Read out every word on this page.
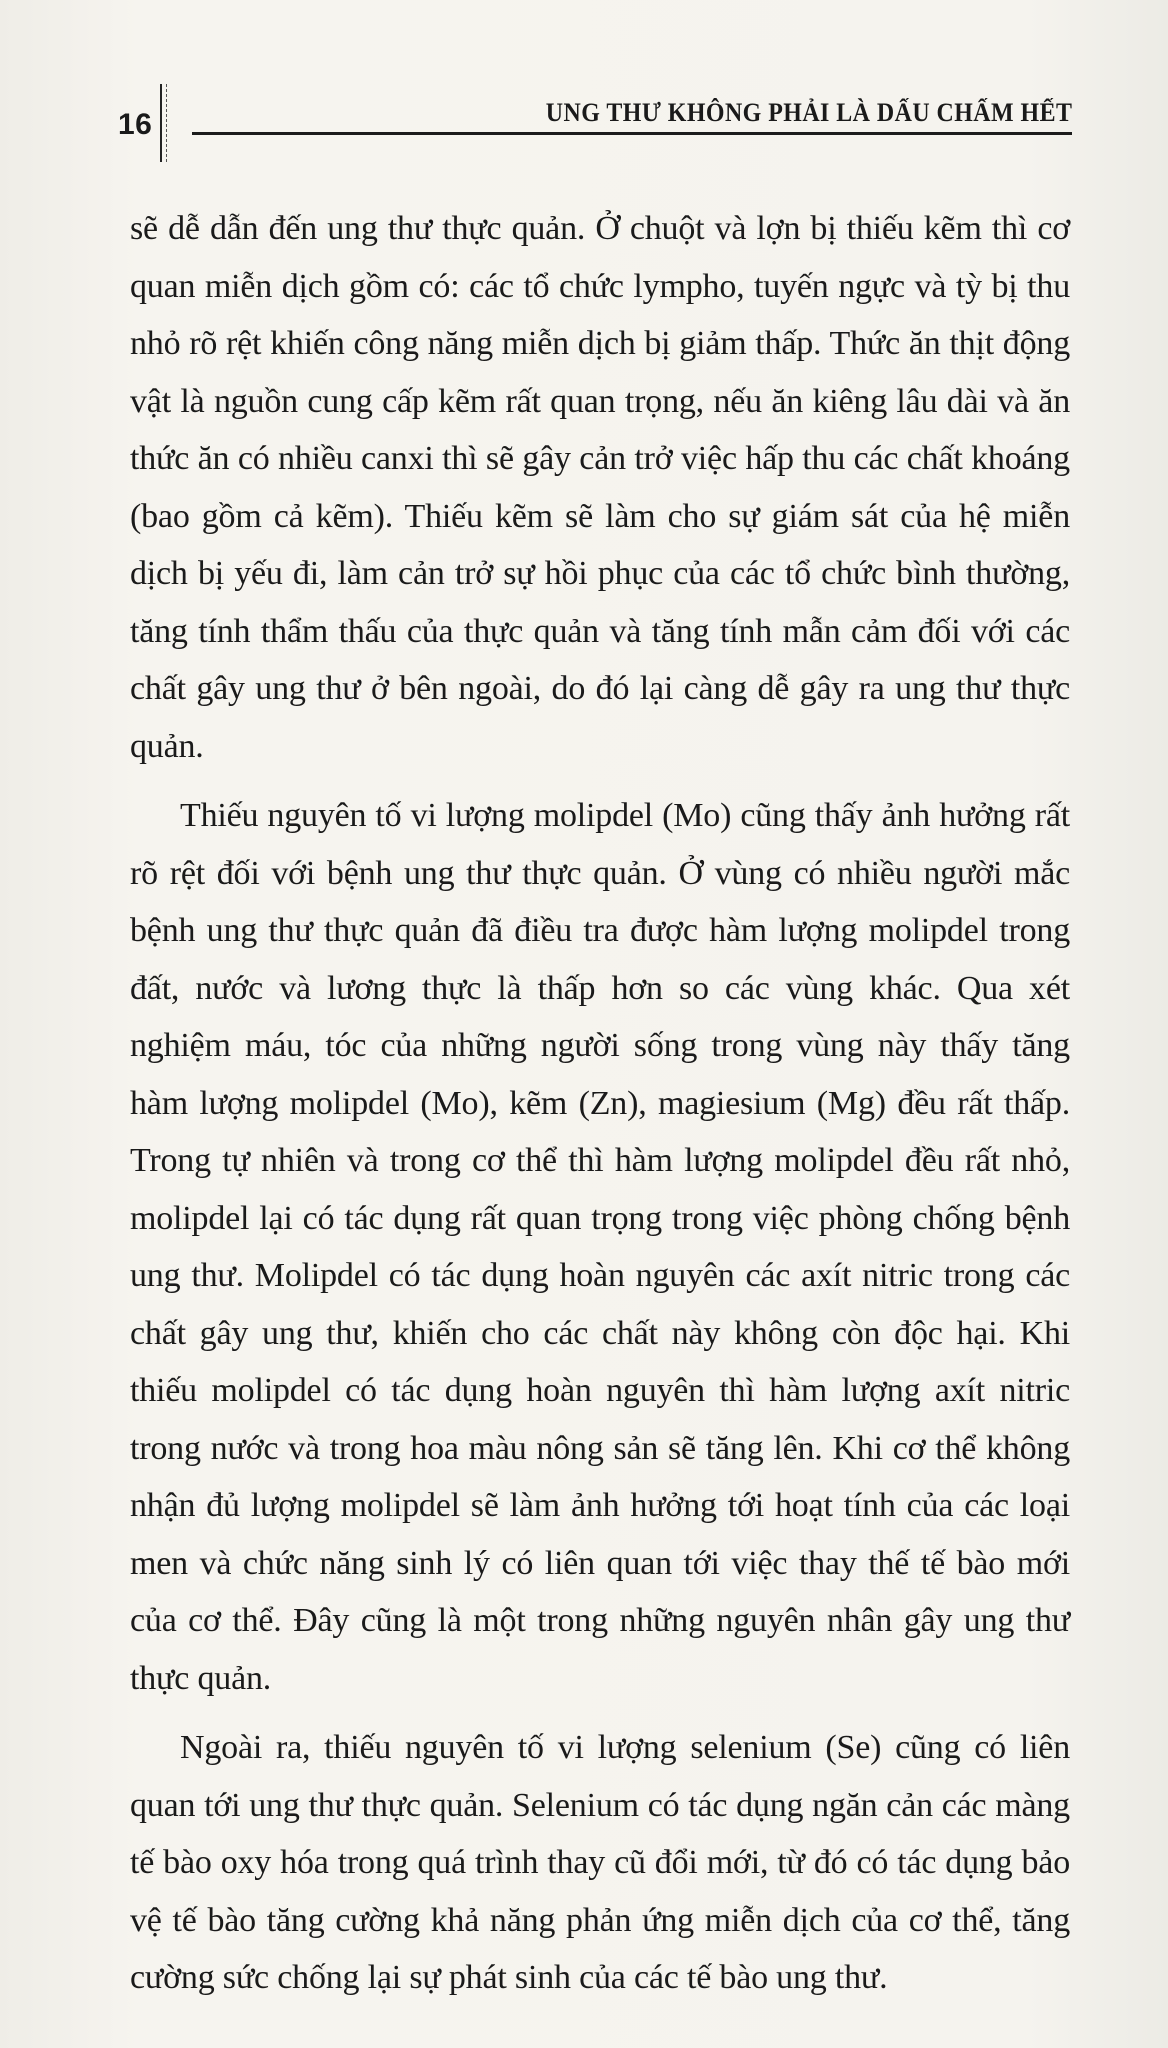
16	UNG THƯ KHÔNG PHẢI LÀ DẤU CHẤM HẾT

sẽ dễ dẫn đến ung thư thực quản. Ở chuột và lợn bị thiếu kẽm thì cơ quan miễn dịch gồm có: các tổ chức lympho, tuyến ngực và tỳ bị thu nhỏ rõ rệt khiến công năng miễn dịch bị giảm thấp. Thức ăn thịt động vật là nguồn cung cấp kẽm rất quan trọng, nếu ăn kiêng lâu dài và ăn thức ăn có nhiều canxi thì sẽ gây cản trở việc hấp thu các chất khoáng (bao gồm cả kẽm). Thiếu kẽm sẽ làm cho sự giám sát của hệ miễn dịch bị yếu đi, làm cản trở sự hồi phục của các tổ chức bình thường, tăng tính thẩm thấu của thực quản và tăng tính mẫn cảm đối với các chất gây ung thư ở bên ngoài, do đó lại càng dễ gây ra ung thư thực quản.

Thiếu nguyên tố vi lượng molipdel (Mo) cũng thấy ảnh hưởng rất rõ rệt đối với bệnh ung thư thực quản. Ở vùng có nhiều người mắc bệnh ung thư thực quản đã điều tra được hàm lượng molipdel trong đất, nước và lương thực là thấp hơn so các vùng khác. Qua xét nghiệm máu, tóc của những người sống trong vùng này thấy tăng hàm lượng molipdel (Mo), kẽm (Zn), magiesium (Mg) đều rất thấp. Trong tự nhiên và trong cơ thể thì hàm lượng molipdel đều rất nhỏ, molipdel lại có tác dụng rất quan trọng trong việc phòng chống bệnh ung thư. Molipdel có tác dụng hoàn nguyên các axít nitric trong các chất gây ung thư, khiến cho các chất này không còn độc hại. Khi thiếu molipdel có tác dụng hoàn nguyên thì hàm lượng axít nitric trong nước và trong hoa màu nông sản sẽ tăng lên. Khi cơ thể không nhận đủ lượng molipdel sẽ làm ảnh hưởng tới hoạt tính của các loại men và chức năng sinh lý có liên quan tới việc thay thế tế bào mới của cơ thể. Đây cũng là một trong những nguyên nhân gây ung thư thực quản.

Ngoài ra, thiếu nguyên tố vi lượng selenium (Se) cũng có liên quan tới ung thư thực quản. Selenium có tác dụng ngăn cản các màng tế bào oxy hóa trong quá trình thay cũ đổi mới, từ đó có tác dụng bảo vệ tế bào tăng cường khả năng phản ứng miễn dịch của cơ thể, tăng cường sức chống lại sự phát sinh của các tế bào ung thư.
